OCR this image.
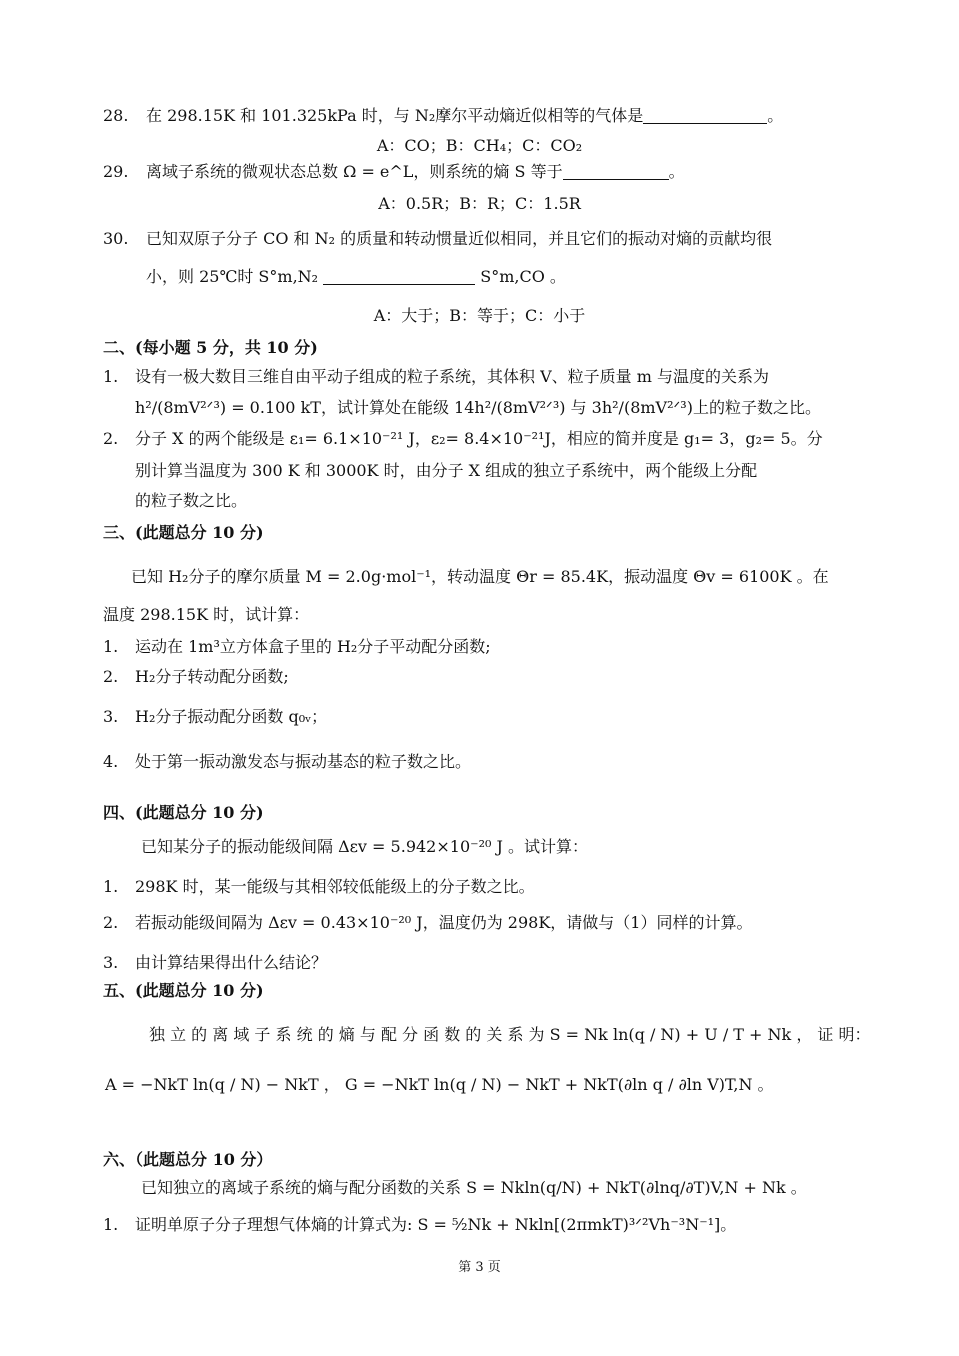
28. 在 298.15K 和 101.325kPa 时，与 N₂摩尔平动熵近似相等的气体是	。
A：CO；B：CH₄；C：CO₂
29. 离域子系统的微观状态总数 Ω = e^L，则系统的熵 S 等于	。
A：0.5R；B：R；C：1.5R
30. 已知双原子分子 CO 和 N₂ 的质量和转动惯量近似相同，并且它们的振动对熵的贡献均很
小，则 25℃时 S°m,N₂	S°m,CO 。
A：大于；B：等于；C：小于
二、(每小题 5 分，共 10 分)
1. 设有一极大数目三维自由平动子组成的粒子系统，其体积 V、粒子质量 m 与温度的关系为
h²/(8mV²ᐟ³) = 0.100 kT，试计算处在能级 14h²/(8mV²ᐟ³) 与 3h²/(8mV²ᐟ³)上的粒子数之比。
2. 分子 X 的两个能级是 ε₁= 6.1×10⁻²¹ J，ε₂= 8.4×10⁻²¹J，相应的简并度是 g₁= 3，g₂= 5。分
别计算当温度为 300 K 和 3000K 时，由分子 X 组成的独立子系统中，两个能级上分配
的粒子数之比。
三、(此题总分 10 分)
已知 H₂分子的摩尔质量 M = 2.0g·mol⁻¹，转动温度 Θr = 85.4K，振动温度 Θv = 6100K 。在
温度 298.15K 时，试计算：
1. 运动在 1m³立方体盒子里的 H₂分子平动配分函数;
2. H₂分子转动配分函数;
3. H₂分子振动配分函数 q₀ᵥ；
4. 处于第一振动激发态与振动基态的粒子数之比。
四、(此题总分 10 分)
已知某分子的振动能级间隔 Δεv = 5.942×10⁻²⁰ J 。试计算：
1. 298K 时，某一能级与其相邻较低能级上的分子数之比。
2. 若振动能级间隔为 Δεv = 0.43×10⁻²⁰ J，温度仍为 298K，请做与（1）同样的计算。
3. 由计算结果得出什么结论？
五、(此题总分 10 分)
独 立 的 离 域 子 系 统 的 熵 与 配 分 函 数 的 关 系 为 S = Nk ln(q / N) + U / T + Nk ， 证 明：
A = −NkT ln(q / N) − NkT ， G = −NkT ln(q / N) − NkT + NkT(∂ln q / ∂ln V)T,N 。
六、（此题总分 10 分）
已知独立的离域子系统的熵与配分函数的关系 S = Nkln(q/N) + NkT(∂lnq/∂T)V,N + Nk 。
1. 证明单原子分子理想气体熵的计算式为: S = ⁵⁄₂Nk + Nkln[(2πmkT)³ᐟ²Vh⁻³N⁻¹]。
第 3 页
